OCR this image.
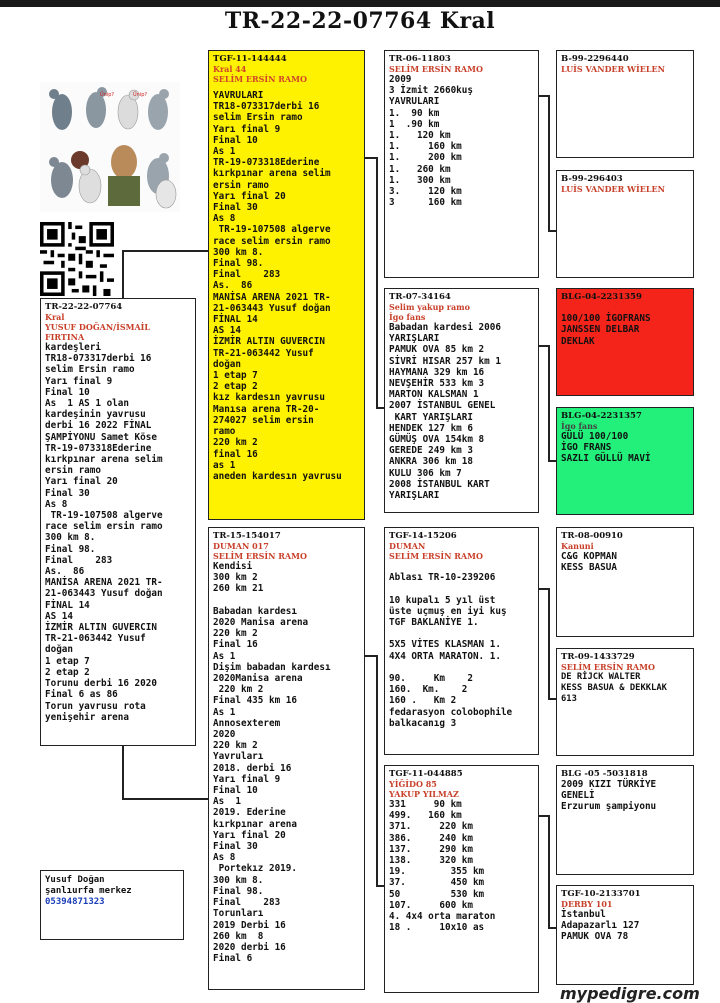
TR-22-22-07764 Kral
Ünip?	Ünip?
TR-22-22-07764
Kral
YUSUF DOĞAN/İSMAİL FIRTINA
kardeşleri
TR18-073317derbi 16
selim Ersin ramo
Yarı final 9
Final 10
As  1 AS 1 olan
kardeşinin yavrusu
derbi 16 2022 FİNAL
ŞAMPİYONU Samet Köse
TR-19-073318Ederine
kırkpınar arena selim
ersin ramo
Yarı final 20
Final 30
As 8
TR-19-107508 algerve
race selim ersin ramo
300 km 8.
Final 98.
Final    283
As.  86
MANİSA ARENA 2021 TR-
21-063443 Yusuf doğan
FİNAL 14
AS 14
İZMİR ALTIN GUVERCIN
TR-21-063442 Yusuf
doğan
1 etap 7
2 etap 2
Torunu derbi 16 2020
Final 6 as 86
Torun yavrusu rota
yenişehir arena
TGF-11-144444
Kral 44
SELİM ERSİN RAMO
YAVRULARI
TR18-073317derbi 16
selim Ersin ramo
Yarı final 9
Final 10
As 1
TR-19-073318Ederine
kırkpınar arena selim
ersin ramo
Yarı final 20
Final 30
As 8
TR-19-107508 algerve
race selim ersin ramo
300 km 8.
Final 98.
Final    283
As.  86
MANİSA ARENA 2021 TR-
21-063443 Yusuf doğan
FİNAL 14
AS 14
İZMİR ALTIN GUVERCIN
TR-21-063442 Yusuf
doğan
1 etap 7
2 etap 2
kız kardesın yavrusu
Manısa arena TR-20-
274027 selim ersin
ramo
220 km 2
final 16
as 1
aneden kardesın yavrusu
TR-15-154017
DUMAN 017
SELİM ERSİN RAMO
Kendisi
300 km 2
260 km 21

Babadan kardesı
2020 Manisa arena
220 km 2
Final 16
As 1
Dişim babadan kardesı
2020Manisa arena
220 km 2
Final 435 km 16
As 1
Annosexterem
2020
220 km 2
Yavruları
2018. derbi 16
Yarı final 9
Final 10
As  1
2019. Ederine
kırkpınar arena
Yarı final 20
Final 30
As 8
Portekız 2019.
300 km 8.
Final 98.
Final    283
Torunları
2019 Derbi 16
260 km  8
2020 derbi 16
Final 6
TR-06-11803
SELİM ERSİN RAMO
2009
3 İzmit 2660kuş
YAVRULARI
1.  90 km
1  .90 km
1.   120 km
1.     160 km
1.     200 km
1.   260 km
1.   300 km
3.     120 km
3      160 km
TR-07-34164
Selim yakup ramo
İgo fans
Babadan kardesi 2006
YARIŞLARI
PAMUK OVA 85 km 2
SİVRİ HISAR 257 km 1
HAYMANA 329 km 16
NEVŞEHİR 533 km 3
MARTON KALSMAN 1
2007 İSTANBUL GENEL
KART YARIŞLARI
HENDEK 127 km 6
GÜMÜŞ OVA 154km 8
GEREDE 249 km 3
ANKRA 306 km 18
KULU 306 km 7
2008 İSTANBUL KART
YARIŞLARI
TGF-14-15206
DUMAN
SELİM ERSİN RAMO

Ablası TR-10-239206

10 kupalı 5 yıl üst
üste uçmuş en iyi kuş
TGF BAKLANİYE 1.

5X5 VİTES KLASMAN 1.
4X4 ORTA MARATON. 1.

90.     Km    2
160.  Km.    2
160 .   Km 2
fedarasyon colobophile
balkacanıg 3
TGF-11-044885
YİĞİDO 85
YAKUP YILMAZ
331     90 km
499.   160 km
371.     220 km
386.     240 km
137.     290 km
138.     320 km
19.        355 km
37.        450 km
50         530 km
107.     600 km
4. 4x4 orta maraton
18 .     10x10 as
B-99-2296440
LUİS VANDER WİELEN
B-99-296403
LUİS VANDER WİELEN
BLG-04-2231359

100/100 İGOFRANS
JANSSEN DELBAR
DEKLAK
BLG-04-2231357
İgo fans
GÜLÜ 100/100
İGO FRANS
SAZLI GÜLLÜ MAVİ
TR-08-00910
Kanuni
C&G KOPMAN
KESS BASUA
TR-09-1433729
SELİM ERSİN RAMO
DE RİJCK WALTER
KESS BASUA & DEKKLAK
613
BLG -05 -5031818
2009 KIZI TÜRKİYE
GENELİ
Erzurum şampiyonu
TGF-10-2133701
DERBY 101
İstanbul
Adapazarlı 127
PAMUK OVA 78
Yusuf Doğan
şanlıurfa merkez
05394871323
mypedigre.com
